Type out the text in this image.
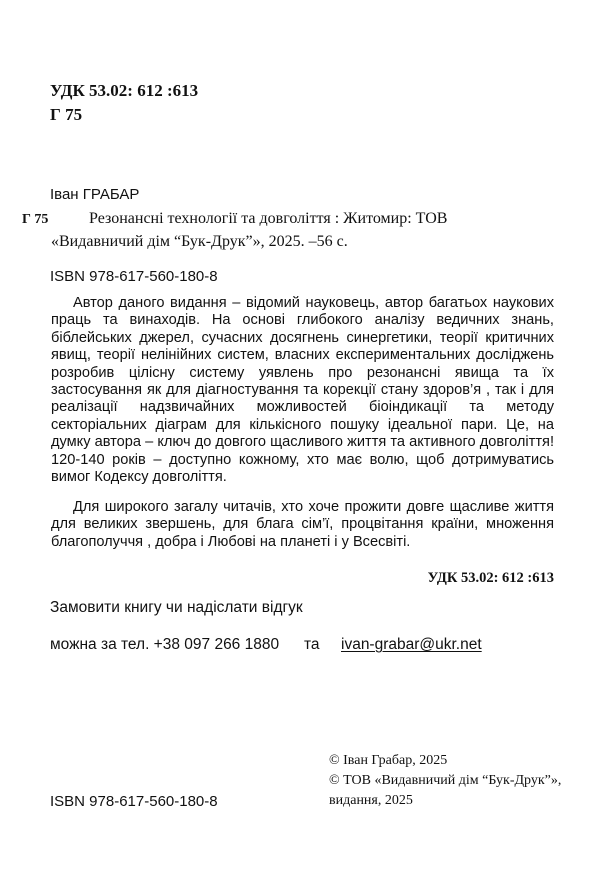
УДК 53.02: 612 :613
Г 75
Іван ГРАБАР
Г 75	Резонансні технології та довголіття : Житомир: ТОВ
«Видавничий дім “Бук-Друк”», 2025. –56 с.
ISBN 978-617-560-180-8

Автор даного видання – відомий науковець, автор багатьох наукових праць та винаходів. На основі глибокого аналізу ведичних знань, біблейських джерел, сучасних досягнень синергетики, теорії критичних явищ, теорії нелінійних систем, власних експериментальних досліджень розробив цілісну систему уявлень про резонансні явища та їх застосування як для діагностування та корекції стану здоров’я , так і для реалізації надзвичайних можливостей біоіндикації та методу секторіальних діаграм для кількісного пошуку ідеальної пари. Це, на думку автора – ключ до довгого щасливого життя та активного довголіття! 120-140 років – доступно кожному, хто має волю, щоб дотримуватись вимог Кодексу довголіття.

Для широкого загалу читачів, хто хоче прожити довге щасливе життя для великих звершень, для блага сім’ї, процвітання країни, множення благополуччя , добра і Любові на планеті і у Всесвіті.

УДК 53.02: 612 :613
Замовити книгу чи надіслати відгук
можна за тел. +38 097 266 1880 та ivan-grabar@ukr.net
© Іван Грабар, 2025
© ТОВ «Видавничий дім “Бук-Друк”»,
видання, 2025
ISBN 978-617-560-180-8
